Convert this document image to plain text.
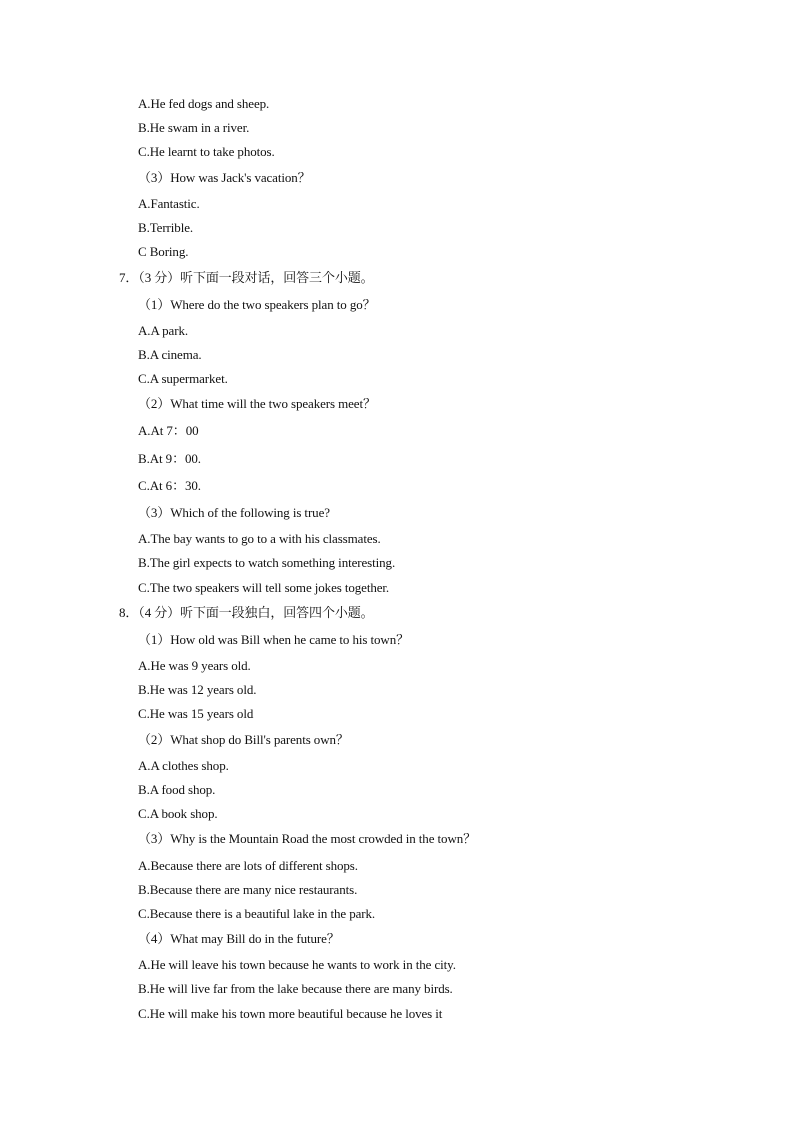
A.He fed dogs and sheep.
B.He swam in a river.
C.He learnt to take photos.
（3）How was Jack's vacation？
A.Fantastic.
B.Terrible.
C Boring.
7．（3 分）听下面一段对话，回答三个小题。
（1）Where do the two speakers plan to go？
A.A park.
B.A cinema.
C.A supermarket.
（2）What time will the two speakers meet？
A.At 7：00
B.At 9：00.
C.At 6：30.
（3）Which of the following is true?
A.The bay wants to go to a with his classmates.
B.The girl expects to watch something interesting.
C.The two speakers will tell some jokes together.
8．（4 分）听下面一段独白，回答四个小题。
（1）How old was Bill when he came to his town？
A.He was 9 years old.
B.He was 12 years old.
C.He was 15 years old
（2）What shop do Bill's parents own？
A.A clothes shop.
B.A food shop.
C.A book shop.
（3）Why is the Mountain Road the most crowded in the town？
A.Because there are lots of different shops.
B.Because there are many nice restaurants.
C.Because there is a beautiful lake in the park.
（4）What may Bill do in the future？
A.He will leave his town because he wants to work in the city.
B.He will live far from the lake because there are many birds.
C.He will make his town more beautiful because he loves it
